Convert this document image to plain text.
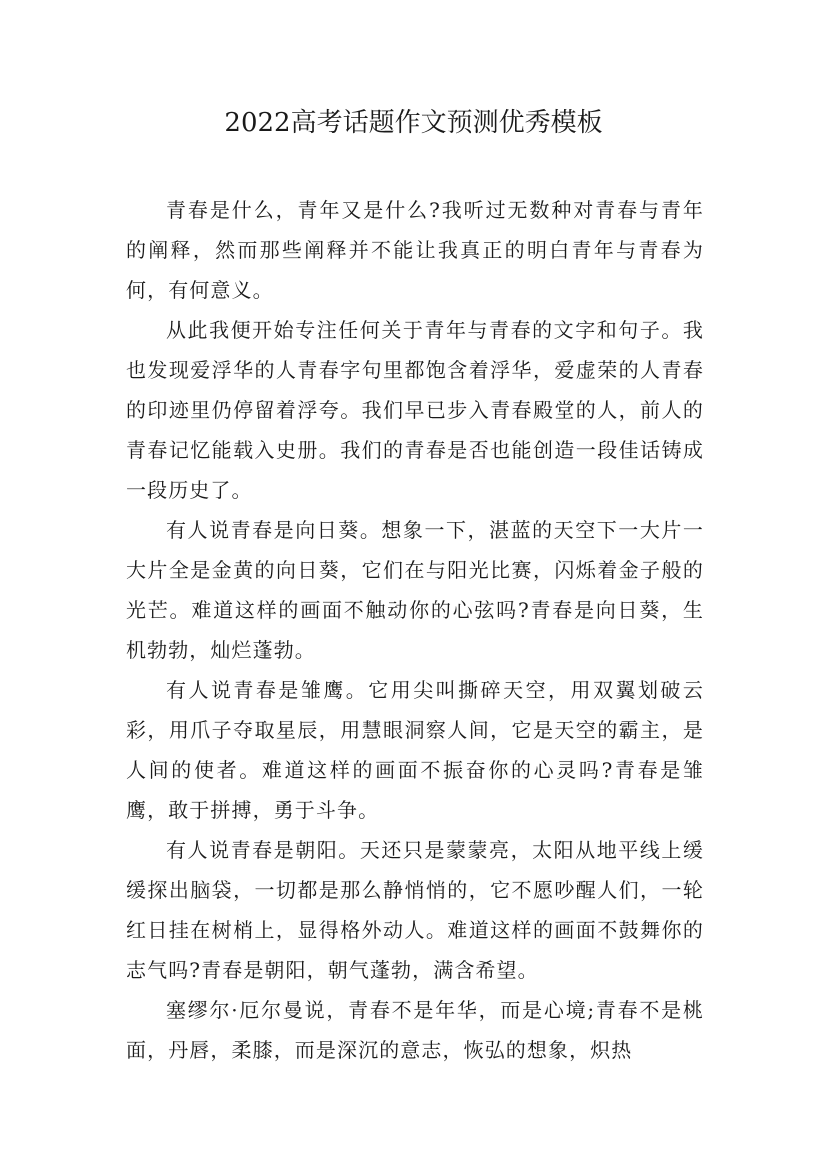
2022高考话题作文预测优秀模板

青春是什么，青年又是什么?我听过无数种对青春与青年的阐释，然而那些阐释并不能让我真正的明白青年与青春为何，有何意义。

从此我便开始专注任何关于青年与青春的文字和句子。我也发现爱浮华的人青春字句里都饱含着浮华，爱虚荣的人青春的印迹里仍停留着浮夸。我们早已步入青春殿堂的人，前人的青春记忆能载入史册。我们的青春是否也能创造一段佳话铸成一段历史了。

有人说青春是向日葵。想象一下，湛蓝的天空下一大片一大片全是金黄的向日葵，它们在与阳光比赛，闪烁着金子般的光芒。难道这样的画面不触动你的心弦吗?青春是向日葵，生机勃勃，灿烂蓬勃。

有人说青春是雏鹰。它用尖叫撕碎天空，用双翼划破云彩，用爪子夺取星辰，用慧眼洞察人间，它是天空的霸主，是人间的使者。难道这样的画面不振奋你的心灵吗?青春是雏鹰，敢于拼搏，勇于斗争。

有人说青春是朝阳。天还只是蒙蒙亮，太阳从地平线上缓缓探出脑袋，一切都是那么静悄悄的，它不愿吵醒人们，一轮红日挂在树梢上，显得格外动人。难道这样的画面不鼓舞你的志气吗?青春是朝阳，朝气蓬勃，满含希望。

塞缪尔·厄尔曼说，青春不是年华，而是心境;青春不是桃面，丹唇，柔膝，而是深沉的意志，恢弘的想象，炽热
